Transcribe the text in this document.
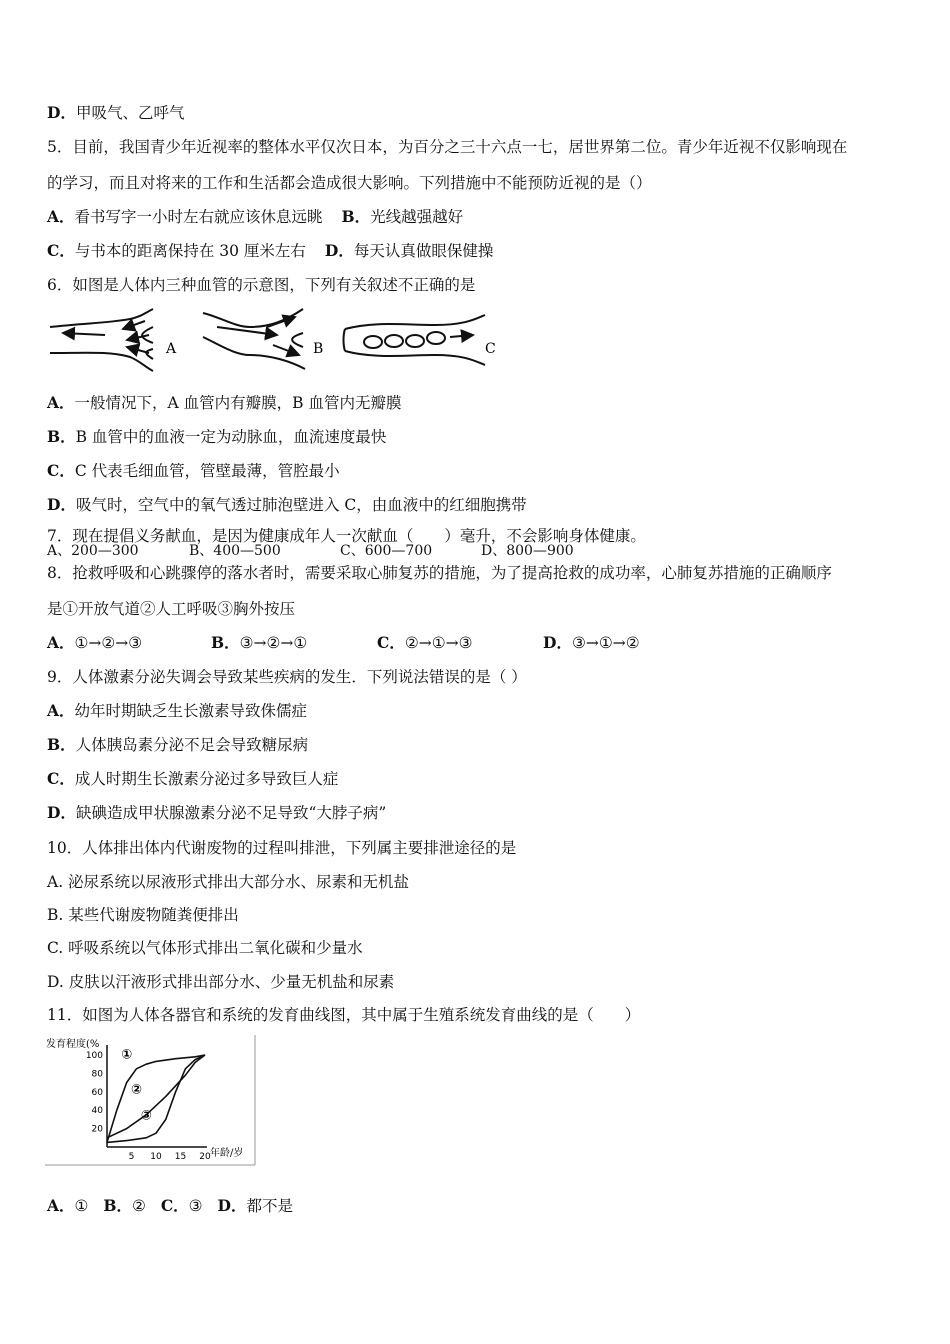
D．甲吸气、乙呼气
5．目前，我国青少年近视率的整体水平仅次日本，为百分之三十六点一七，居世界第二位。青少年近视不仅影响现在
的学习，而且对将来的工作和生活都会造成很大影响。下列措施中不能预防近视的是（）
A．看书写字一小时左右就应该休息远眺 B．光线越强越好
C．与书本的距离保持在 30 厘米左右 D．每天认真做眼保健操
6．如图是人体内三种血管的示意图，下列有关叙述不正确的是
A	B	C
A．一般情况下，A 血管内有瓣膜，B 血管内无瓣膜
B．B 血管中的血液一定为动脉血，血流速度最快
C．C 代表毛细血管，管壁最薄，管腔最小
D．吸气时，空气中的氧气透过肺泡壁进入 C，由血液中的红细胞携带
7．现在提倡义务献血，是因为健康成年人一次献血（　　）毫升，不会影响身体健康。
A、200—300	B、400—500	C、600—700	D、800—900
8．抢救呼吸和心跳骤停的落水者时，需要采取心肺复苏的措施，为了提高抢救的成功率，心肺复苏措施的正确顺序
是①开放气道②人工呼吸③胸外按压
A．①→②→③	B．③→②→①	C．②→①→③	D．③→①→②
9．人体激素分泌失调会导致某些疾病的发生．下列说法错误的是（ ）
A．幼年时期缺乏生长激素导致侏儒症
B．人体胰岛素分泌不足会导致糖尿病
C．成人时期生长激素分泌过多导致巨人症
D．缺碘造成甲状腺激素分泌不足导致“大脖子病”
10．人体排出体内代谢废物的过程叫排泄，下列属主要排泄途径的是
A. 泌尿系统以尿液形式排出大部分水、尿素和无机盐
B. 某些代谢废物随粪便排出
C. 呼吸系统以气体形式排出二氧化碳和少量水
D. 皮肤以汗液形式排出部分水、少量无机盐和尿素
11．如图为人体各器官和系统的发育曲线图，其中属于生殖系统发育曲线的是（　　）
发育程度(%
年龄/岁
100
80
60
40
20
5 10 15 20
①
②
③
A．① B．② C．③ D．都不是
